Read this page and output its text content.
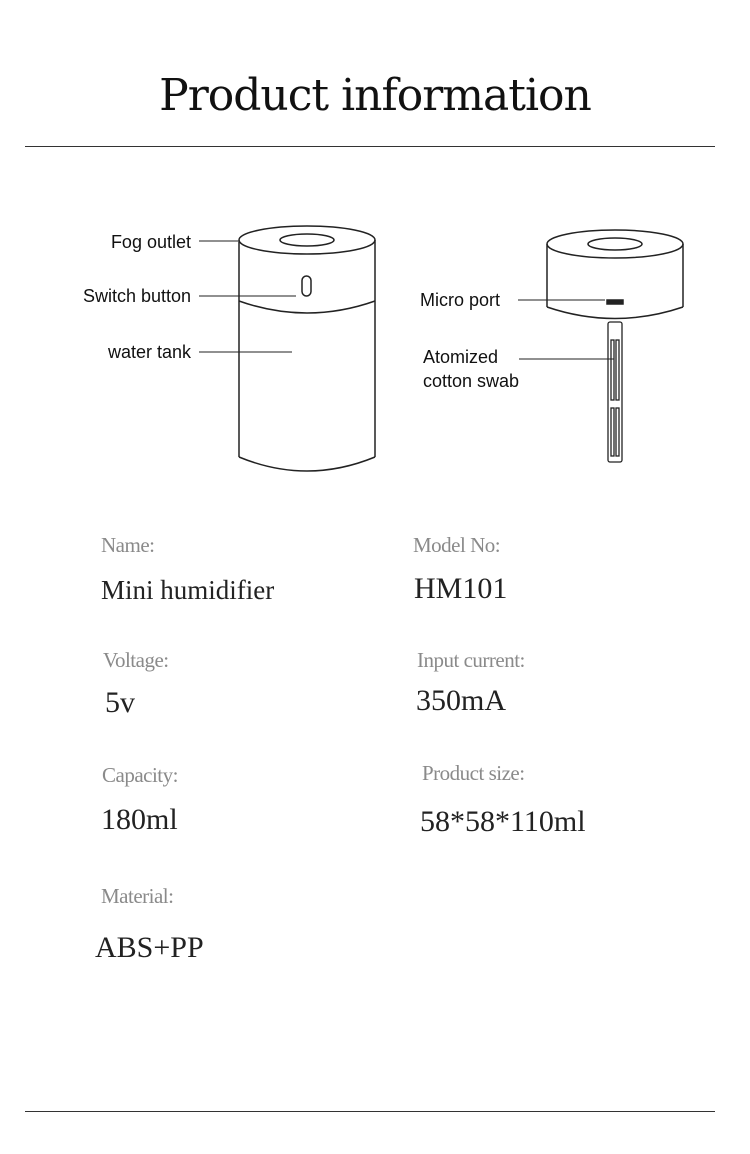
Product information
Fog outlet
Switch button
water tank
Micro port
Atomized
cotton swab
Name:
Mini humidifier
Model No:
HM101
Voltage:
5v
Input current:
350mA
Capacity:
180ml
Product size:
58*58*110ml
Material:
ABS+PP
